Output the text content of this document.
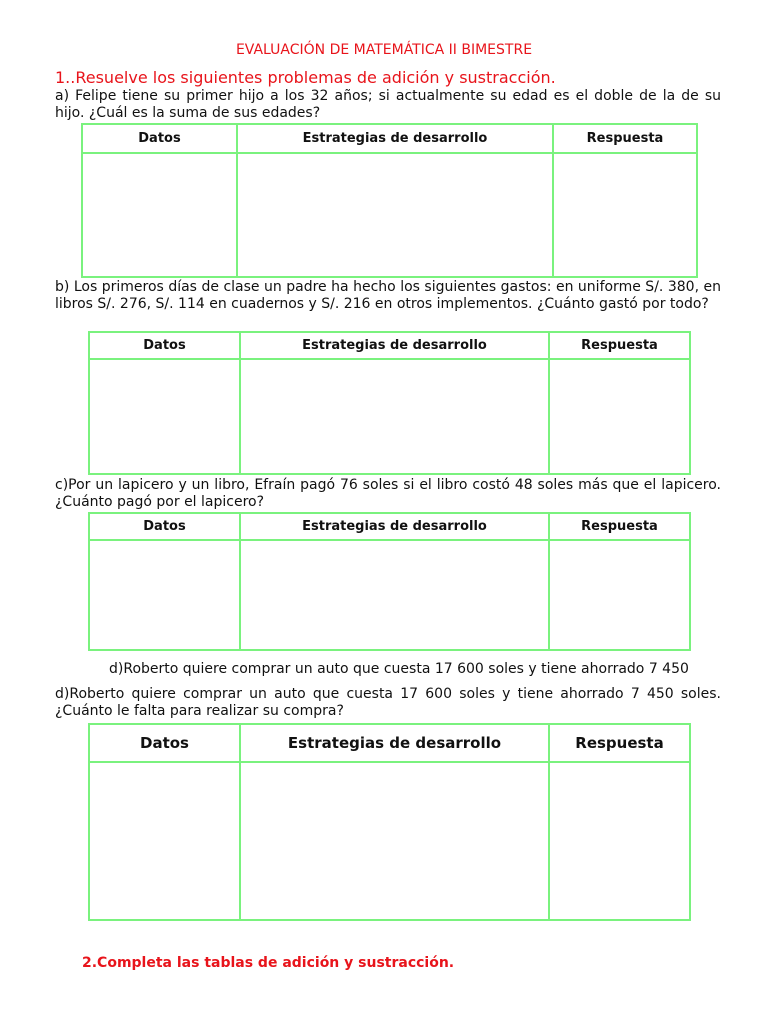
EVALUACIÓN DE MATEMÁTICA II BIMESTRE
1..Resuelve los siguientes problemas de adición y sustracción.
a) Felipe tiene su primer hijo a los 32 años; si actualmente su edad es el doble de la de su hijo. ¿Cuál es la suma de sus edades?
Datos	Estrategias de desarrollo	Respuesta

b) Los primeros días de clase un padre ha hecho los siguientes gastos: en uniforme S/. 380, en libros S/. 276, S/. 114 en cuadernos y S/. 216 en otros implementos. ¿Cuánto gastó por todo?
Datos	Estrategias de desarrollo	Respuesta

c)Por un lapicero y un libro, Efraín pagó 76 soles si el libro costó 48 soles más que el lapicero. ¿Cuánto pagó por el lapicero?
Datos	Estrategias de desarrollo	Respuesta

d)Roberto quiere comprar un auto que cuesta 17 600 soles y tiene ahorrado 7 450
d)Roberto quiere comprar un auto que cuesta 17 600 soles y tiene ahorrado 7 450 soles. ¿Cuánto le falta para realizar su compra?
Datos	Estrategias de desarrollo	Respuesta

2.Completa las tablas de adición y sustracción.
